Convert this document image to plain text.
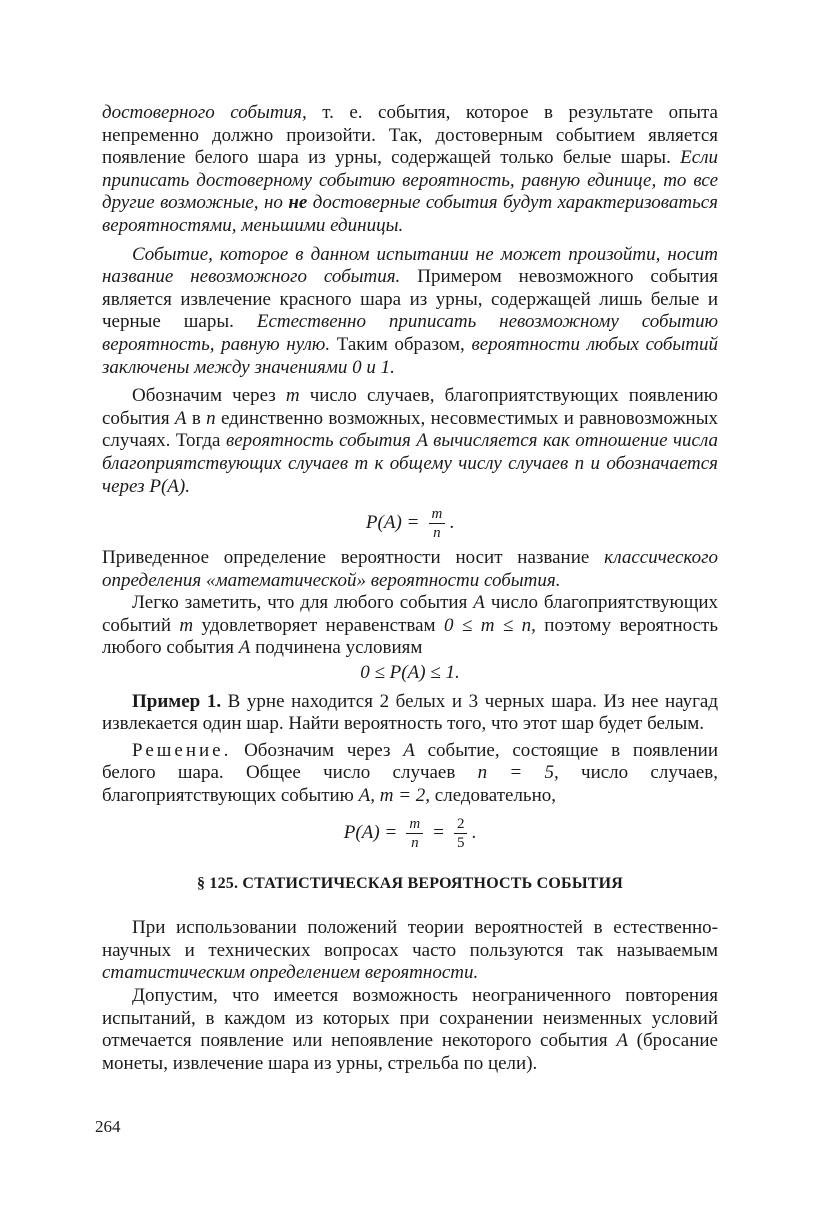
достоверного события, т. е. события, которое в результате опыта непременно должно произойти. Так, достоверным событием является появление белого шара из урны, содержащей только белые шары. Если приписать достоверному событию вероятность, равную единице, то все другие возможные, но не достоверные события будут характеризоваться вероятностями, меньшими единицы.

Событие, которое в данном испытании не может произойти, носит название невозможного события. Примером невозможного события является извлечение красного шара из урны, содержащей лишь белые и черные шары. Естественно приписать невозможному событию вероятность, равную нулю. Таким образом, вероятности любых событий заключены между значениями 0 и 1.

Обозначим через m число случаев, благоприятствующих появлению события A в n единственно возможных, несовместимых и равновозможных случаях. Тогда вероятность события A вычисляется как отношение числа благоприятствующих случаев m к общему числу случаев n и обозначается через P(A).

$P(A) = \frac{m}{n}$ .

Приведенное определение вероятности носит название классического определения «математической» вероятности события.

Легко заметить, что для любого события A число благоприятствующих событий m удовлетворяет неравенствам 0 ≤ m ≤ n, поэтому вероятность любого события A подчинена условиям

0 ≤ P(A) ≤ 1.

Пример 1. В урне находится 2 белых и 3 черных шара. Из нее наугад извлекается один шар. Найти вероятность того, что этот шар будет белым.

Решение. Обозначим через A событие, состоящие в появлении белого шара. Общее число случаев n = 5, число случаев, благоприятствующих событию A, m = 2, следовательно,

$P(A) = \frac{m}{n} = \frac{2}{5}$ .
§ 125. СТАТИСТИЧЕСКАЯ ВЕРОЯТНОСТЬ СОБЫТИЯ

При использовании положений теории вероятностей в естественно-научных и технических вопросах часто пользуются так называемым статистическим определением вероятности.

Допустим, что имеется возможность неограниченного повторения испытаний, в каждом из которых при сохранении неизменных условий отмечается появление или непоявление некоторого события A (бросание монеты, извлечение шара из урны, стрельба по цели).

264
